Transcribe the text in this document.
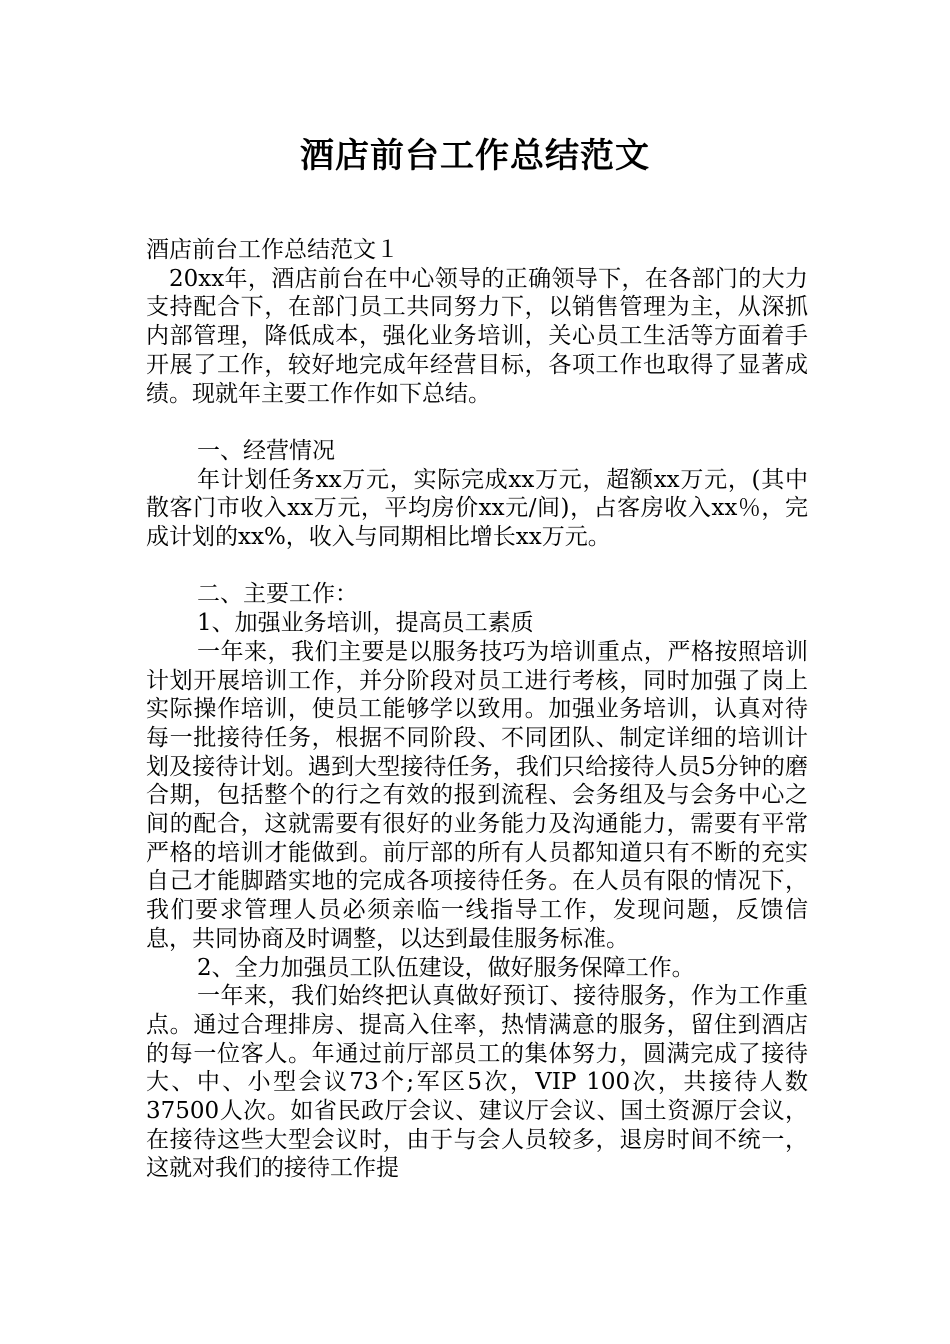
酒店前台工作总结范文

酒店前台工作总结范文１

20xx年，酒店前台在中心领导的正确领导下，在各部门的大力支持配合下，在部门员工共同努力下，以销售管理为主，从深抓内部管理，降低成本，强化业务培训，关心员工生活等方面着手开展了工作，较好地完成年经营目标，各项工作也取得了显著成绩。现就年主要工作作如下总结。

一、经营情况

年计划任务xx万元，实际完成xx万元，超额xx万元，(其中散客门市收入xx万元，平均房价xx元/间)，占客房收入xx％，完成计划的xx%，收入与同期相比增长xx万元。

二、主要工作：

1、加强业务培训，提高员工素质

一年来，我们主要是以服务技巧为培训重点，严格按照培训计划开展培训工作，并分阶段对员工进行考核，同时加强了岗上实际操作培训，使员工能够学以致用。加强业务培训，认真对待每一批接待任务，根据不同阶段、不同团队、制定详细的培训计划及接待计划。遇到大型接待任务，我们只给接待人员5分钟的磨合期，包括整个的行之有效的报到流程、会务组及与会务中心之间的配合，这就需要有很好的业务能力及沟通能力，需要有平常严格的培训才能做到。前厅部的所有人员都知道只有不断的充实自己才能脚踏实地的完成各项接待任务。在人员有限的情况下，我们要求管理人员必须亲临一线指导工作，发现问题，反馈信息，共同协商及时调整，以达到最佳服务标准。

2、全力加强员工队伍建设，做好服务保障工作。

一年来，我们始终把认真做好预订、接待服务，作为工作重点。通过合理排房、提高入住率，热情满意的服务，留住到酒店的每一位客人。年通过前厅部员工的集体努力，圆满完成了接待大、中、小型会议73个;军区5次，VIP 100次，共接待人数37500人次。如省民政厅会议、建议厅会议、国土资源厅会议，在接待这些大型会议时，由于与会人员较多，退房时间不统一，这就对我们的接待工作提
